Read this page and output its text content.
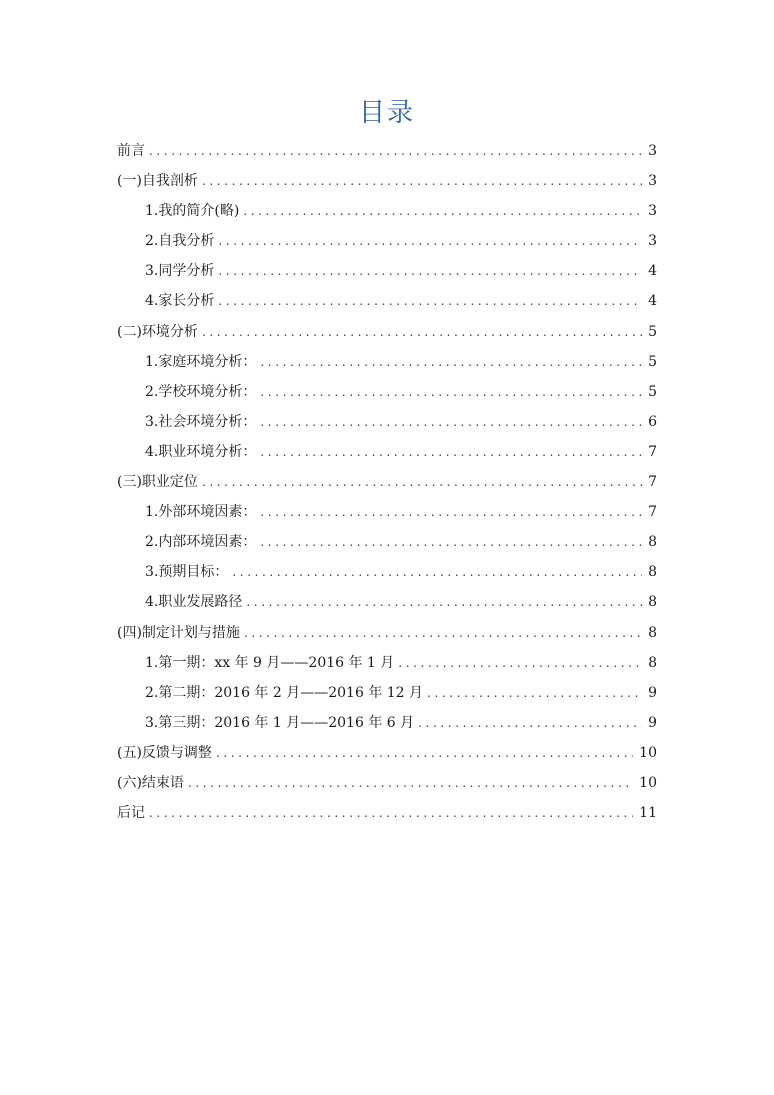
目录
前言 .....	3
(一)自我剖析 .....	3
1.我的简介(略) .....	3
2.自我分析 .....	3
3.同学分析 .....	4
4.家长分析 .....	4
(二)环境分析 .....	5
1.家庭环境分析： .....	5
2.学校环境分析： .....	5
3.社会环境分析： .....	6
4.职业环境分析： .....	7
(三)职业定位 .....	7
1.外部环境因素： .....	7
2.内部环境因素： .....	8
3.预期目标： .....	8
4.职业发展路径 .....	8
(四)制定计划与措施 .....	8
1.第一期：xx 年 9 月——2016 年 1 月 .....	8
2.第二期：2016 年 2 月——2016 年 12 月 .....	9
3.第三期：2016 年 1 月——2016 年 6 月 .....	9
(五)反馈与调整 .....	10
(六)结束语 .....	10
后记 .....	11
